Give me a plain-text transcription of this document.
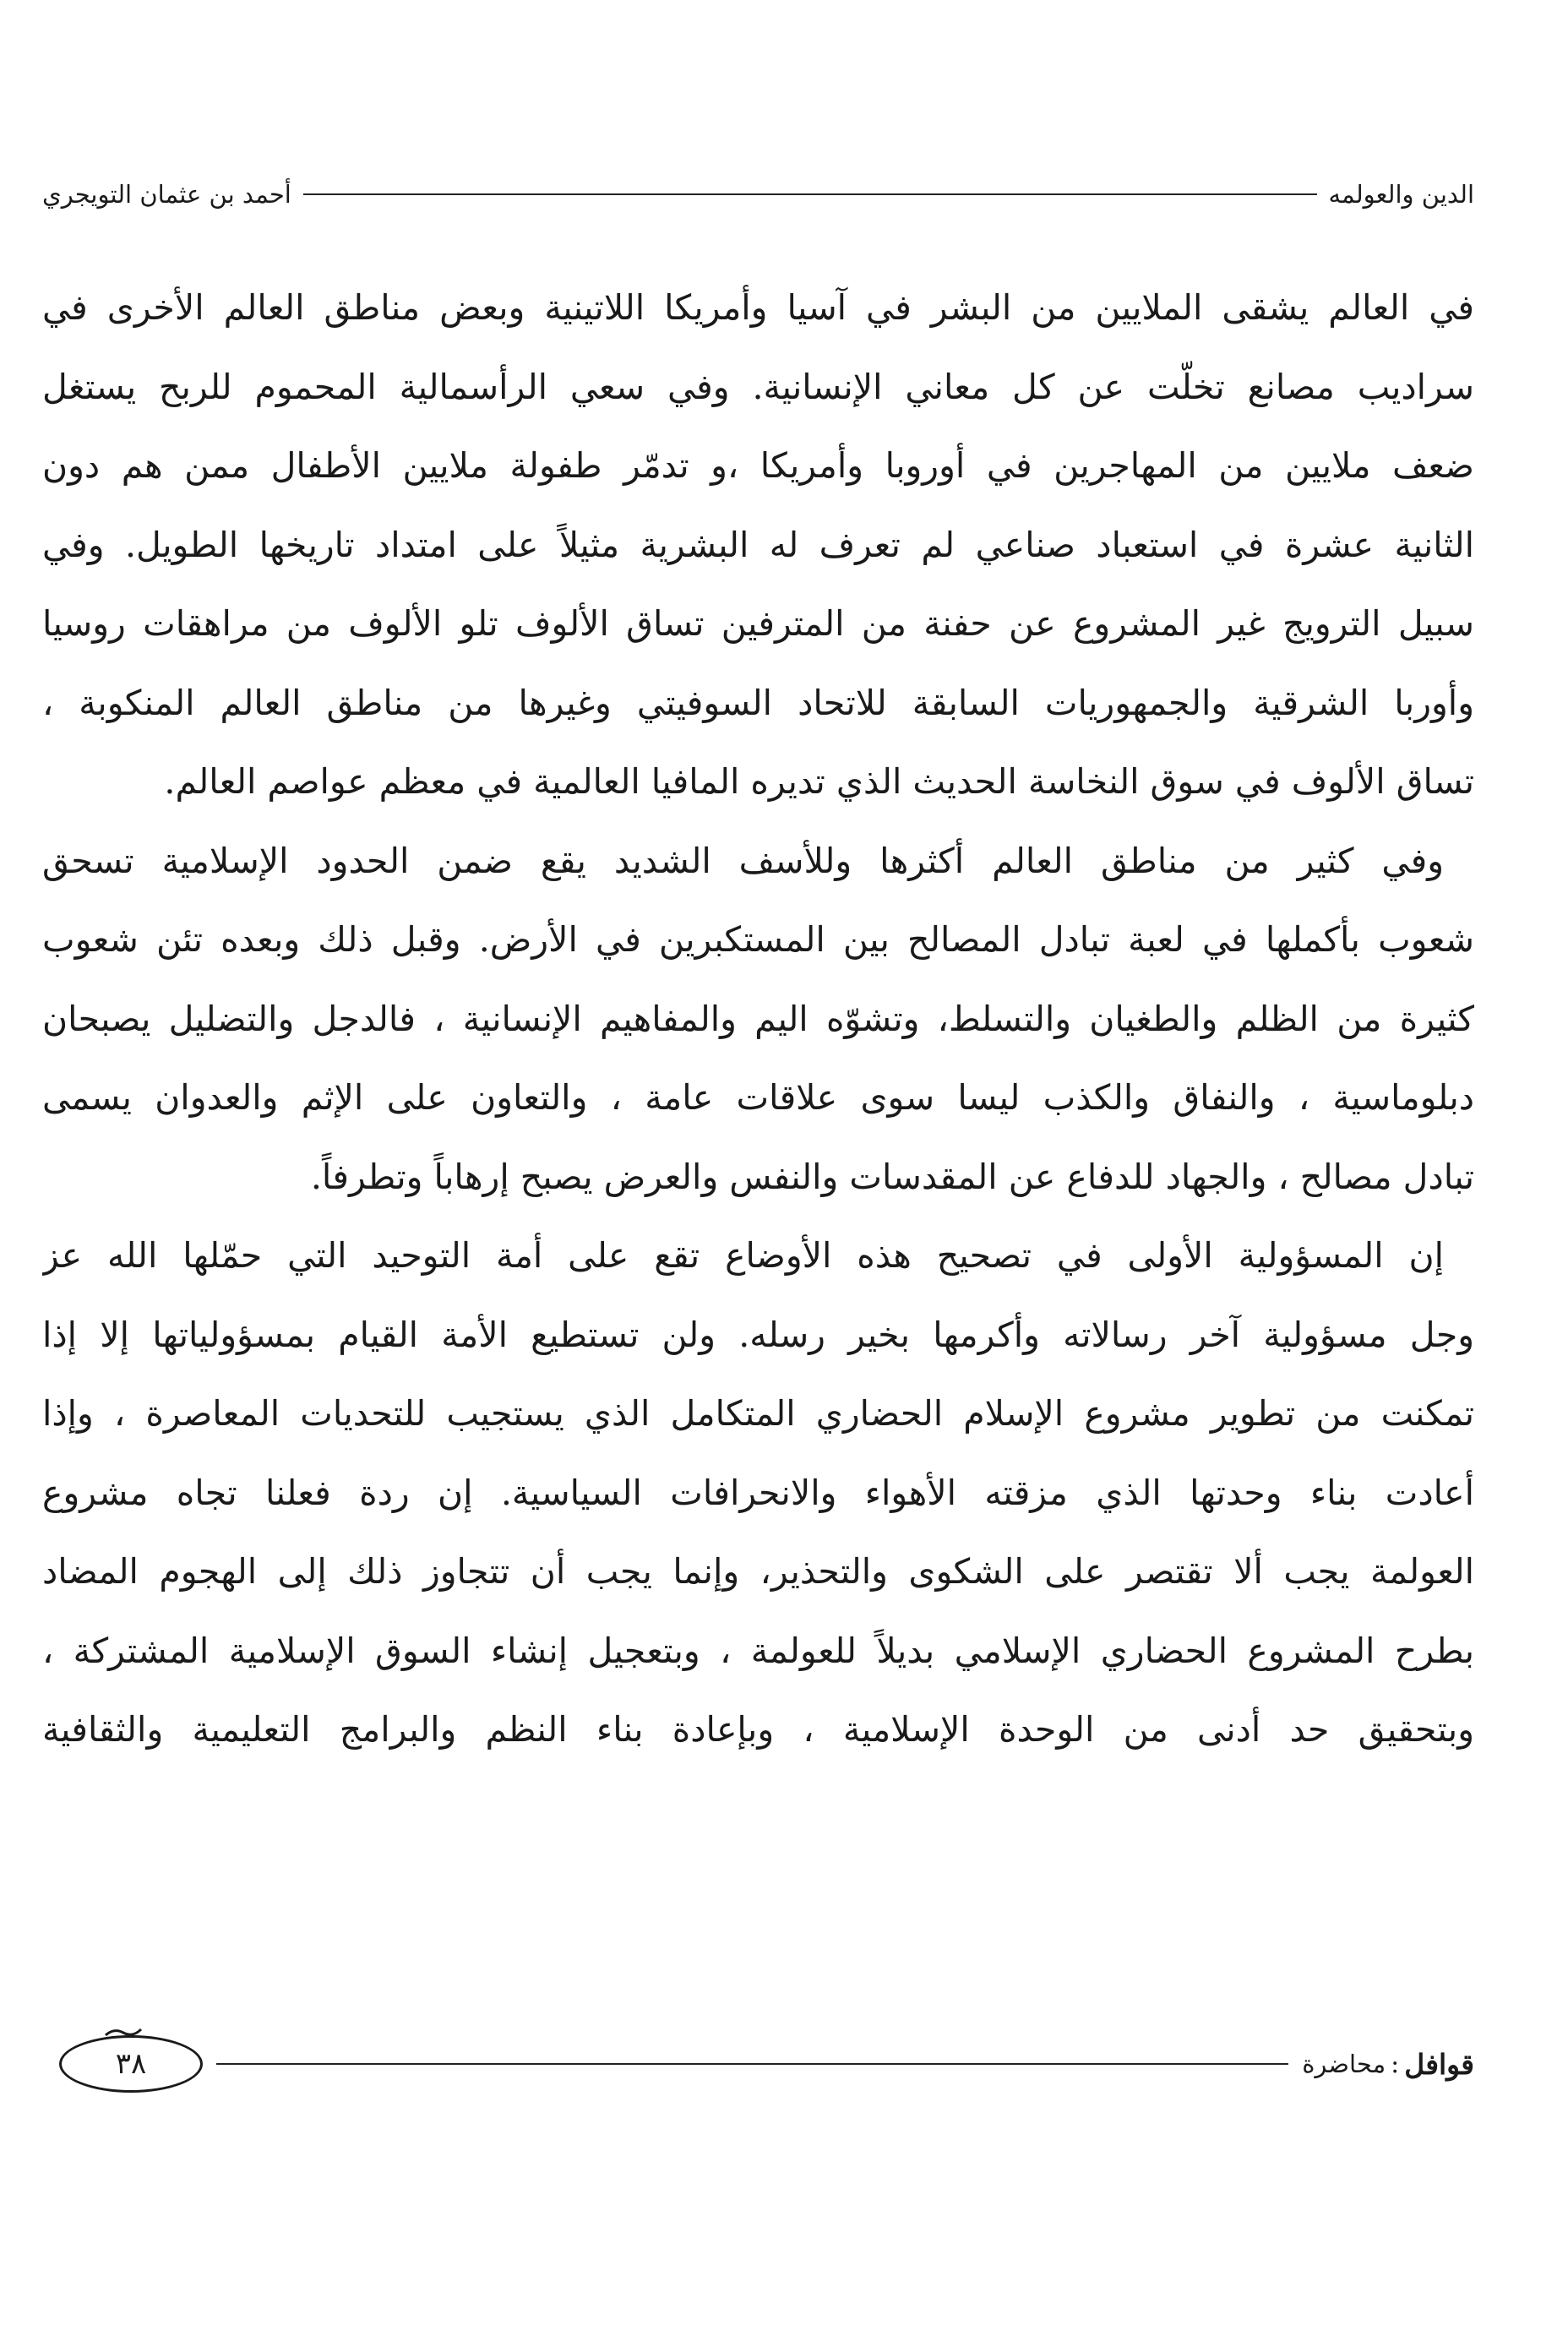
الدين والعولمه
أحمد بن عثمان التويجري
في العالم يشقى الملايين من البشر في آسيا وأمريكا اللاتينية وبعض مناطق العالم الأخرى في
سراديب مصانع تخلّت عن كل معاني الإنسانية. وفي سعي الرأسمالية المحموم للربح يستغل
ضعف ملايين من المهاجرين في أوروبا وأمريكا ،و تدمّر طفولة ملايين الأطفال ممن هم دون
الثانية عشرة في استعباد صناعي لم تعرف له البشرية مثيلاً على امتداد تاريخها الطويل. وفي
سبيل الترويج غير المشروع عن حفنة من المترفين تساق الألوف تلو الألوف من مراهقات روسيا
وأوربا الشرقية والجمهوريات السابقة للاتحاد السوفيتي وغيرها من مناطق العالم المنكوبة ،
تساق الألوف في سوق النخاسة الحديث الذي تديره المافيا العالمية في معظم عواصم العالم.
وفي كثير من مناطق العالم أكثرها وللأسف الشديد يقع ضمن الحدود الإسلامية تسحق
شعوب بأكملها في لعبة تبادل المصالح بين المستكبرين في الأرض. وقبل ذلك وبعده تئن شعوب
كثيرة من الظلم والطغيان والتسلط، وتشوّه اليم والمفاهيم الإنسانية ، فالدجل والتضليل يصبحان
دبلوماسية ، والنفاق والكذب ليسا سوى علاقات عامة ، والتعاون على الإثم والعدوان يسمى
تبادل مصالح ، والجهاد للدفاع عن المقدسات والنفس والعرض يصبح إرهاباً وتطرفاً.
إن المسؤولية الأولى في تصحيح هذه الأوضاع تقع على أمة التوحيد التي حمّلها الله عز
وجل مسؤولية آخر رسالاته وأكرمها بخير رسله. ولن تستطيع الأمة القيام بمسؤولياتها إلا إذا
تمكنت من تطوير مشروع الإسلام الحضاري المتكامل الذي يستجيب للتحديات المعاصرة ، وإذا
أعادت بناء وحدتها الذي مزقته الأهواء والانحرافات السياسية. إن ردة فعلنا تجاه مشروع
العولمة يجب ألا تقتصر على الشكوى والتحذير، وإنما يجب أن تتجاوز ذلك إلى الهجوم المضاد
بطرح المشروع الحضاري الإسلامي بديلاً للعولمة ، وبتعجيل إنشاء السوق الإسلامية المشتركة ،
وبتحقيق حد أدنى من الوحدة الإسلامية ، وبإعادة بناء النظم والبرامج التعليمية والثقافية
قوافل
:
محاضرة
٣٨
